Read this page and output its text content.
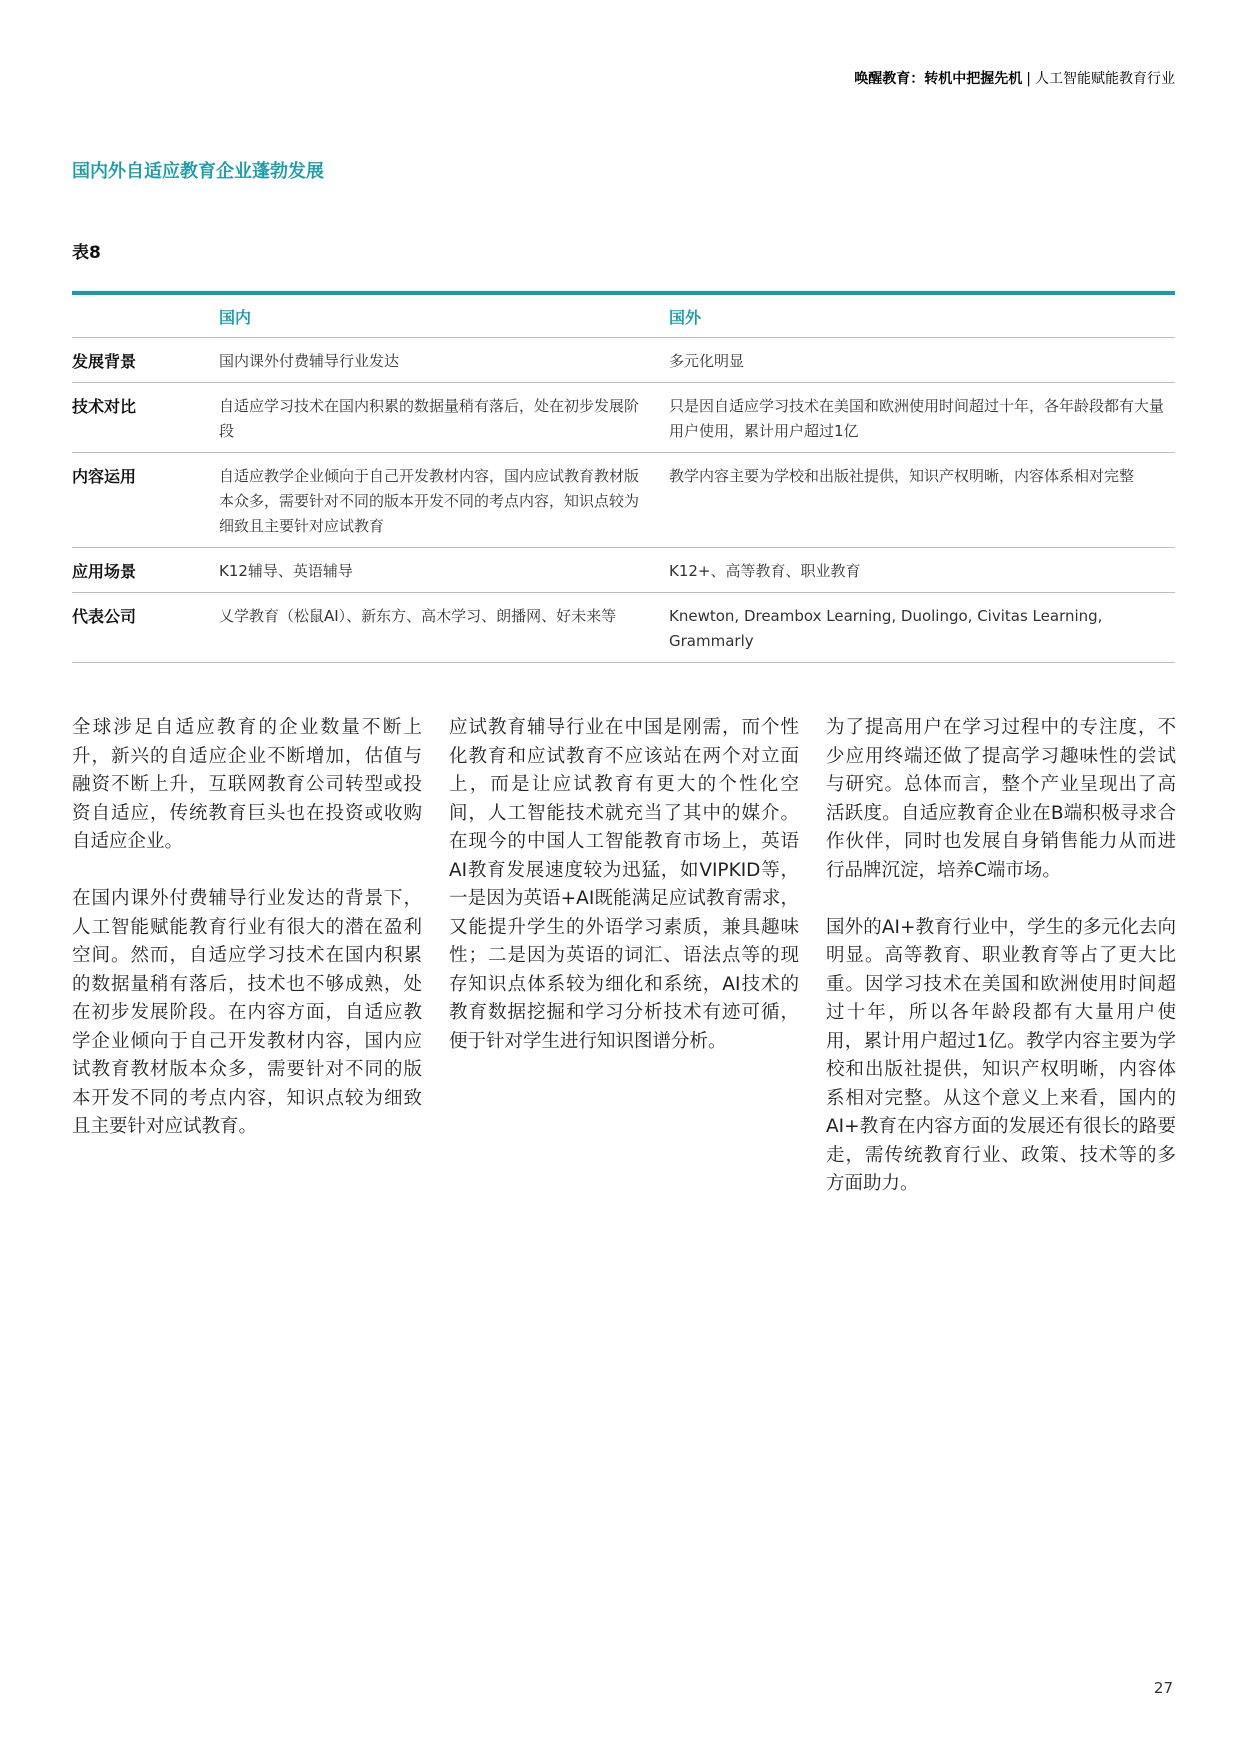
唤醒教育：转机中把握先机 | 人工智能赋能教育行业
国内外自适应教育企业蓬勃发展
表8
	国内	国外
发展背景	国内课外付费辅导行业发达	多元化明显
技术对比	自适应学习技术在国内积累的数据量稍有落后，处在初步发展阶段	只是因自适应学习技术在美国和欧洲使用时间超过十年，各年龄段都有大量用户使用，累计用户超过1亿
内容运用	自适应教学企业倾向于自己开发教材内容，国内应试教育教材版本众多，需要针对不同的版本开发不同的考点内容，知识点较为细致且主要针对应试教育	教学内容主要为学校和出版社提供，知识产权明晰，内容体系相对完整
应用场景	K12辅导、英语辅导	K12+、高等教育、职业教育
代表公司	乂学教育（松鼠AI）、新东方、高木学习、朗播网、好未来等	Knewton, Dreambox Learning, Duolingo, Civitas Learning, Grammarly

全球涉足自适应教育的企业数量不断上升，新兴的自适应企业不断增加，估值与融资不断上升，互联网教育公司转型或投资自适应，传统教育巨头也在投资或收购自适应企业。

在国内课外付费辅导行业发达的背景下，人工智能赋能教育行业有很大的潜在盈利空间。然而，自适应学习技术在国内积累的数据量稍有落后，技术也不够成熟，处在初步发展阶段。在内容方面，自适应教学企业倾向于自己开发教材内容，国内应试教育教材版本众多，需要针对不同的版本开发不同的考点内容，知识点较为细致且主要针对应试教育。

应试教育辅导行业在中国是刚需，而个性化教育和应试教育不应该站在两个对立面上，而是让应试教育有更大的个性化空间，人工智能技术就充当了其中的媒介。在现今的中国人工智能教育市场上，英语AI教育发展速度较为迅猛，如VIPKID等，一是因为英语+AI既能满足应试教育需求，又能提升学生的外语学习素质，兼具趣味性；二是因为英语的词汇、语法点等的现存知识点体系较为细化和系统，AI技术的教育数据挖掘和学习分析技术有迹可循，便于针对学生进行知识图谱分析。

为了提高用户在学习过程中的专注度，不少应用终端还做了提高学习趣味性的尝试与研究。总体而言，整个产业呈现出了高活跃度。自适应教育企业在B端积极寻求合作伙伴，同时也发展自身销售能力从而进行品牌沉淀，培养C端市场。

国外的AI+教育行业中，学生的多元化去向明显。高等教育、职业教育等占了更大比重。因学习技术在美国和欧洲使用时间超过十年，所以各年龄段都有大量用户使用，累计用户超过1亿。教学内容主要为学校和出版社提供，知识产权明晰，内容体系相对完整。从这个意义上来看，国内的AI+教育在内容方面的发展还有很长的路要走，需传统教育行业、政策、技术等的多方面助力。

27
